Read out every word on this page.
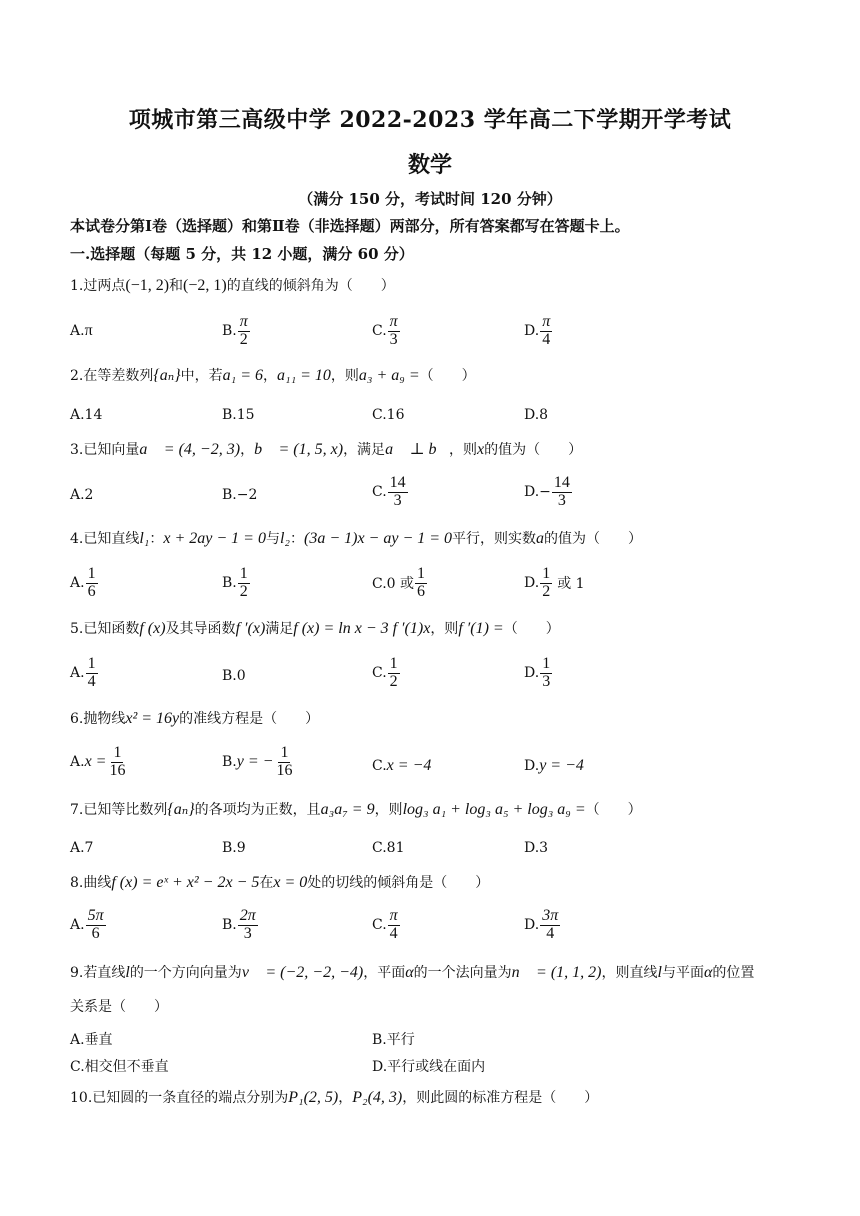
项城市第三高级中学 2022-2023 学年高二下学期开学考试
数学
（满分 150 分，考试时间 120 分钟）
本试卷分第Ⅰ卷（选择题）和第Ⅱ卷（非选择题）两部分，所有答案都写在答题卡上。
一.选择题（每题 5 分，共 12 小题，满分 60 分）
1.过两点(−1, 2)和(−2, 1)的直线的倾斜角为（　　）
A. π	B. $\frac{\pi}{2}$	C. $\frac{\pi}{3}$	D. $\frac{\pi}{4}$
2.在等差数列{aₙ}中，若a₁ = 6，a₁₁ = 10，则a₃ + a₉ =（　　）
A.14	B.15	C.16	D.8
3.已知向量a⃗ = (4, −2, 3)，b⃗ = (1, 5, x)，满足a⃗ ⊥ b⃗，则x的值为（　　）
A.2	B.−2	C. $\frac{14}{3}$	$D.- \frac{14}{3}$
4.已知直线l₁：x + 2ay − 1 = 0与l₂：(3a − 1)x − ay − 1 = 0平行，则实数a的值为（　　）
A. $\frac{1}{6}$	B. $\frac{1}{2}$	C.0 或 $\frac{1}{6}$	D. $\frac{1}{2}$ 或 1
5.已知函数f (x)及其导函数f ′(x)满足f (x) = ln x − 3 f ′(1)x，则f ′(1) =（　　）
A. $\frac{1}{4}$	B.0	C. $\frac{1}{2}$	D. $\frac{1}{3}$
6.抛物线x² = 16y的准线方程是（　　）
A. $x = \frac{1}{16}$	B. y = − $\frac{1}{16}$	C. x = −4	D. y = −4
7.已知等比数列{aₙ}的各项均为正数，且a₃a₇ = 9，则log₃ a₁ + log₃ a₅ + log₃ a₉ =（　　）
A.7	B.9	C.81	D.3
8.曲线f (x) = eˣ + x² − 2x − 5在x = 0处的切线的倾斜角是（　　）
A. $\frac{5\pi}{6}$	B. $\frac{2\pi}{3}$	C. $\frac{\pi}{4}$	D. $\frac{3\pi}{4}$
9.若直线l的一个方向向量为v⃗ = (−2, −2, −4)，平面α的一个法向量为n⃗ = (1, 1, 2)，则直线l与平面α的位置
关系是（　　）
A.垂直	B.平行
C.相交但不垂直	D.平行或线在面内
10.已知圆的一条直径的端点分别为P₁(2, 5)，P₂(4, 3)，则此圆的标准方程是（　　）
